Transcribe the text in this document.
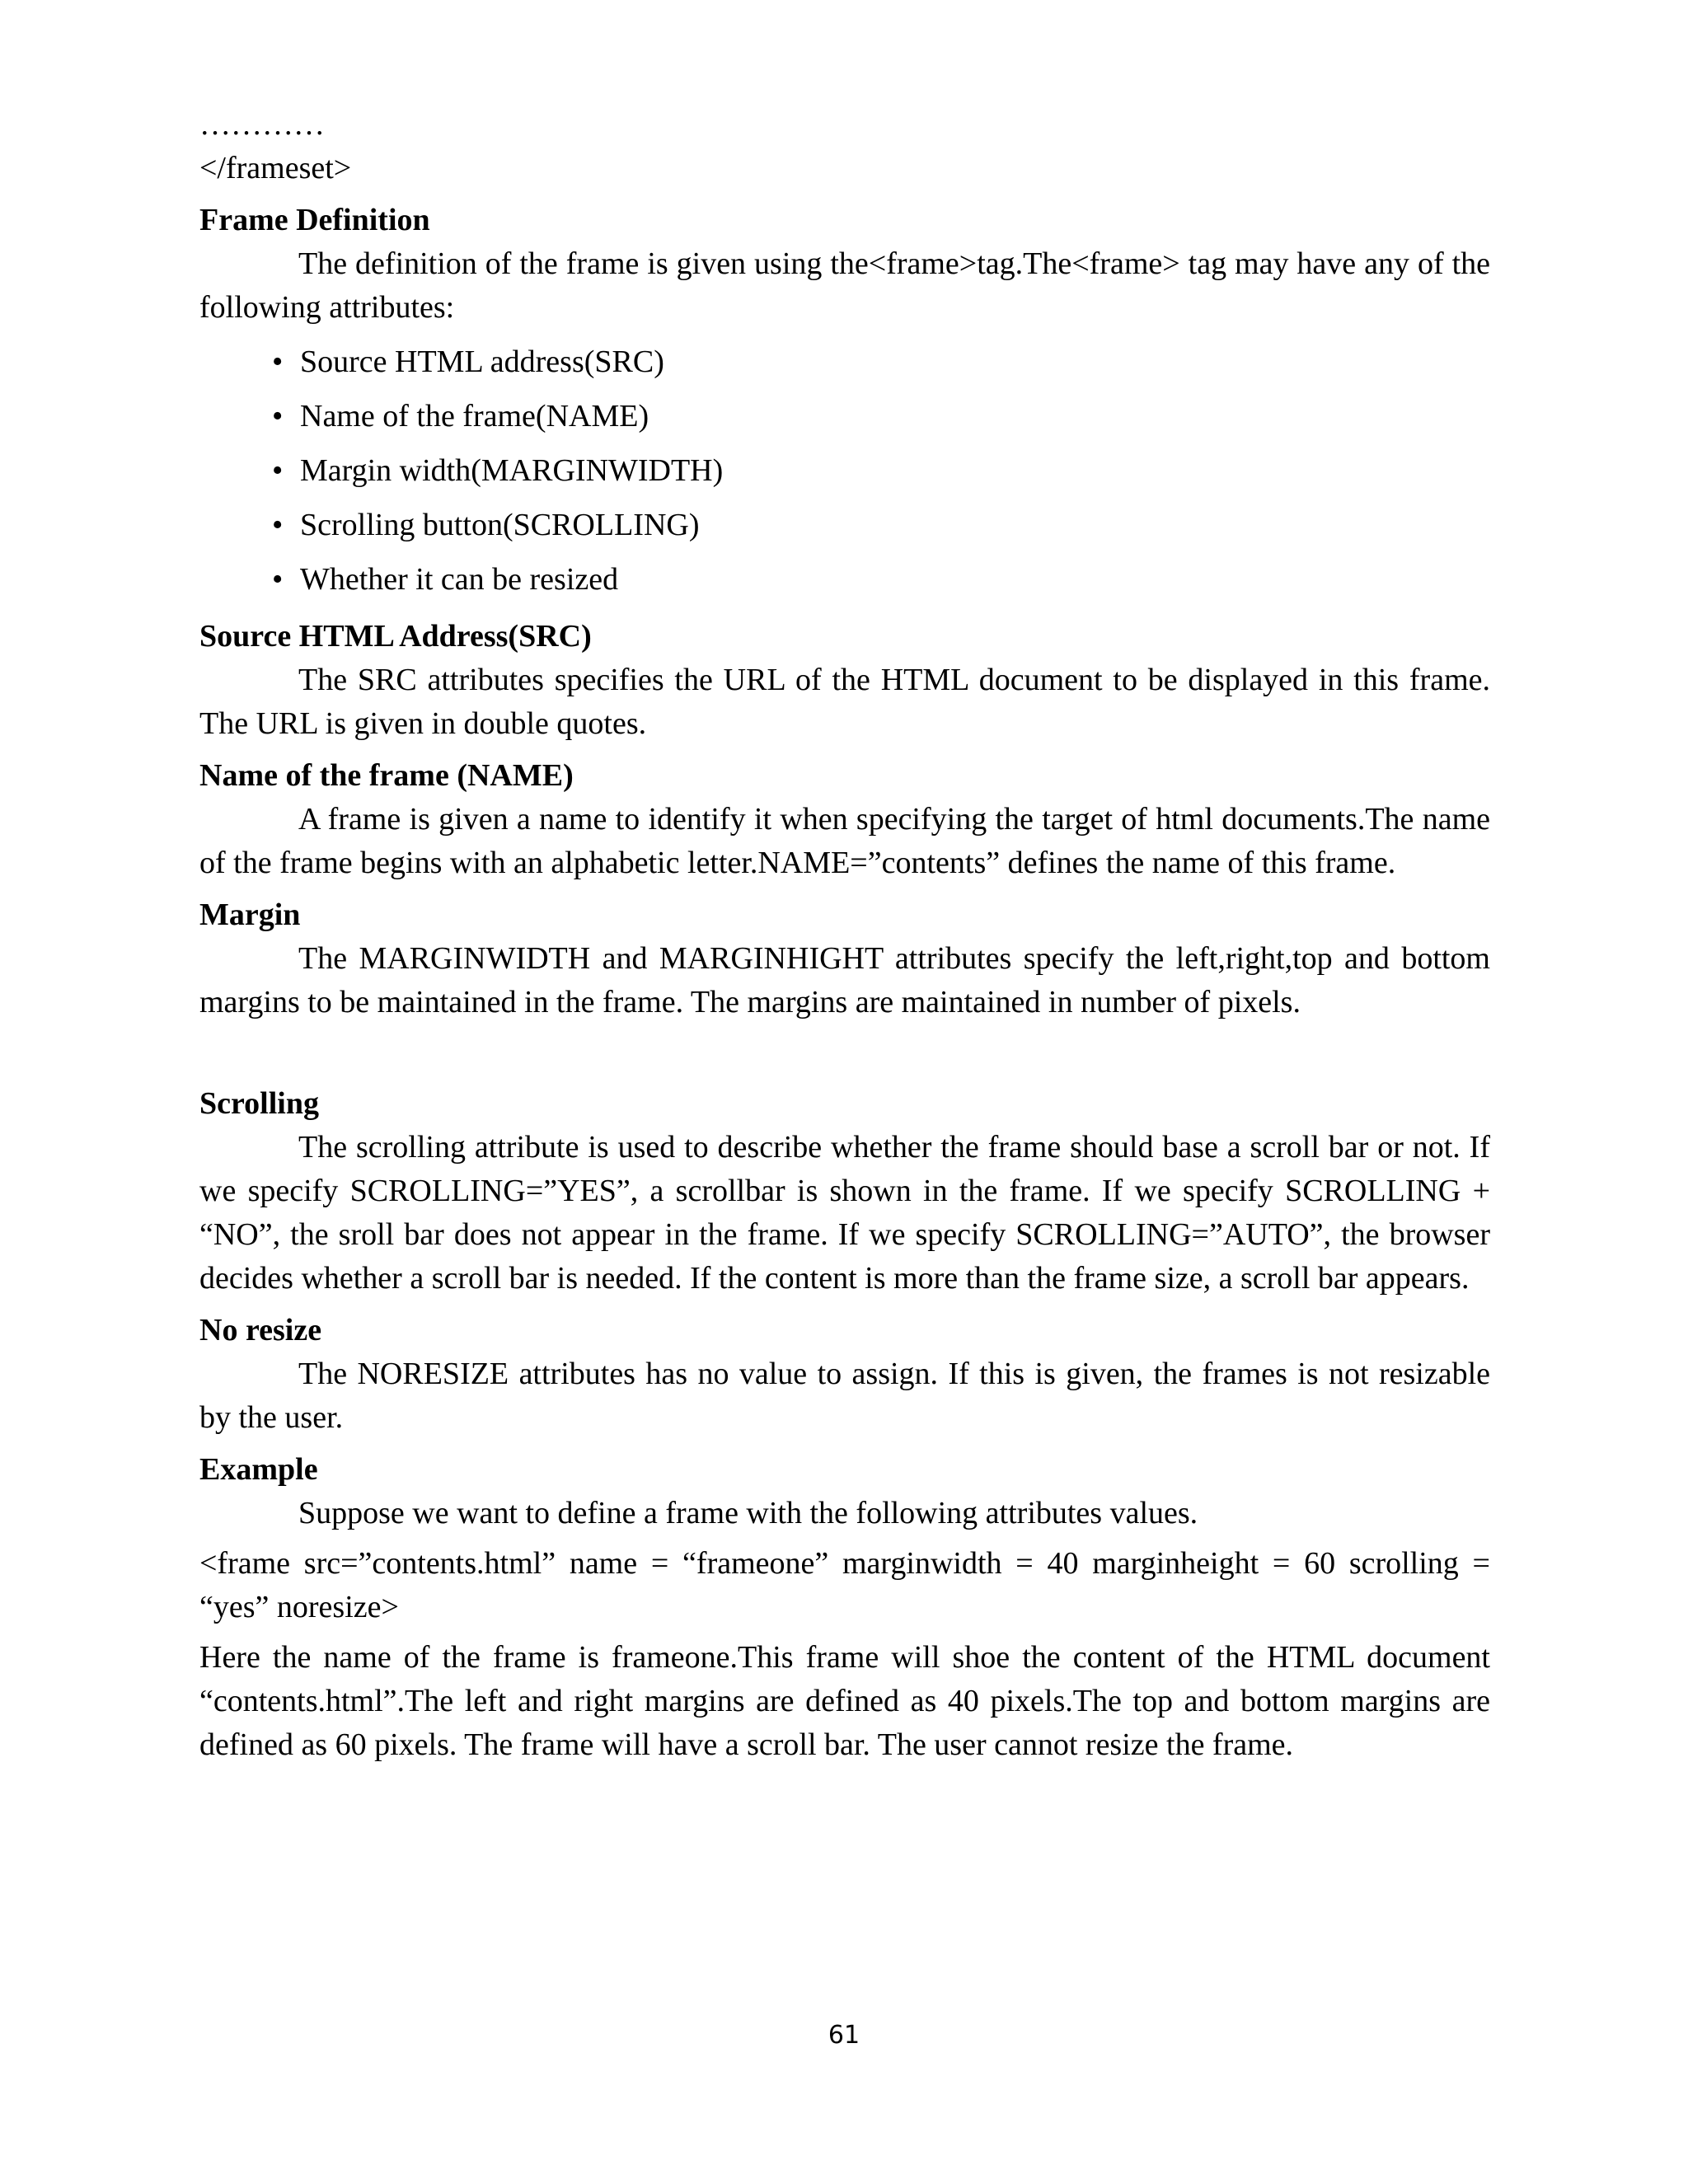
…………
</frameset>
Frame Definition
The definition of the frame is given using the<frame>tag.The<frame> tag may have any of the following attributes:
• Source HTML address(SRC)
• Name of the frame(NAME)
• Margin width(MARGINWIDTH)
• Scrolling button(SCROLLING)
• Whether it can be resized
Source HTML Address(SRC)
The SRC attributes specifies the URL of the HTML document to be displayed in this frame. The URL is given in double quotes.
Name of the frame (NAME)
A frame is given a name to identify it when specifying the target of html documents.The name of the frame begins with an alphabetic letter.NAME=”contents” defines the name of this frame.
Margin
The MARGINWIDTH and MARGINHIGHT attributes specify the left,right,top and bottom margins to be maintained in the frame. The margins are maintained in number of pixels.
Scrolling
The scrolling attribute is used to describe whether the frame should base a scroll bar or not. If we specify SCROLLING=”YES”, a scrollbar is shown in the frame. If we specify SCROLLING + “NO”, the sroll bar does not appear in the frame. If we specify SCROLLING=”AUTO”, the browser decides whether a scroll bar is needed. If the content is more than the frame size, a scroll bar appears.
No resize
The NORESIZE attributes has no value to assign. If this is given, the frames is not resizable by the user.
Example
Suppose we want to define a frame with the following attributes values.
<frame src=”contents.html” name = “frameone” marginwidth = 40 marginheight = 60 scrolling = “yes” noresize>
Here the name of the frame is frameone.This frame will shoe the content of the HTML document “contents.html”.The left and right margins are defined as 40 pixels.The top and bottom margins are defined as 60 pixels. The frame will have a scroll bar. The user cannot resize the frame.
61
